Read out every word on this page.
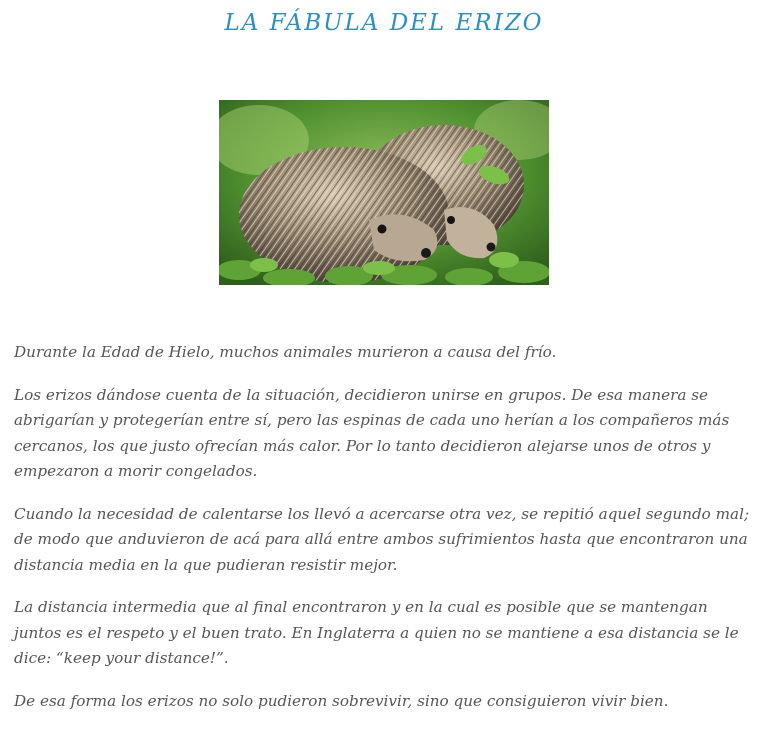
LA FÁBULA DEL ERIZO

Durante la Edad de Hielo, muchos animales murieron a causa del frío.

Los erizos dándose cuenta de la situación, decidieron unirse en grupos. De esa manera se abrigarían y protegerían entre sí, pero las espinas de cada uno herían a los compañeros más cercanos, los que justo ofrecían más calor. Por lo tanto decidieron alejarse unos de otros y empezaron a morir congelados.

Cuando la necesidad de calentarse los llevó a acercarse otra vez, se repitió aquel segundo mal; de modo que anduvieron de acá para allá entre ambos sufrimientos hasta que encontraron una distancia media en la que pudieran resistir mejor.

La distancia intermedia que al final encontraron y en la cual es posible que se mantengan juntos es el respeto y el buen trato. En Inglaterra a quien no se mantiene a esa distancia se le dice: “keep your distance!”.

De esa forma los erizos no solo pudieron sobrevivir, sino que consiguieron vivir bien.
